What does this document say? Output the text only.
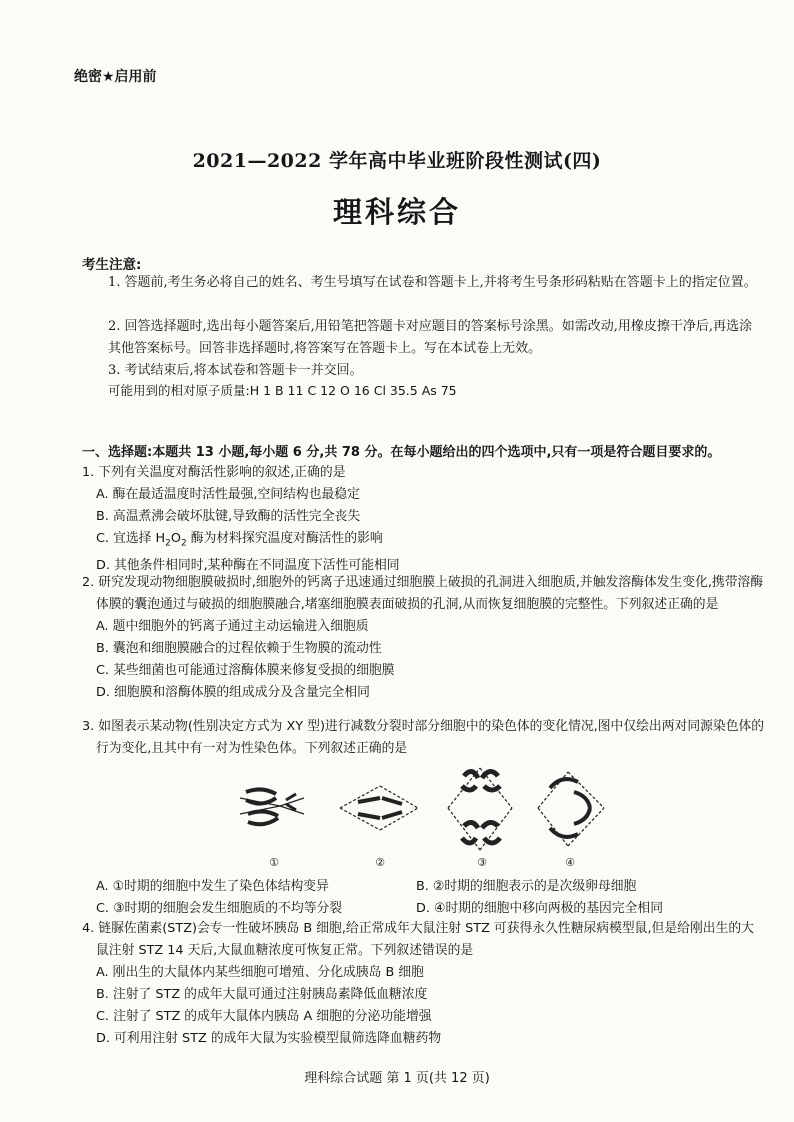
绝密★启用前
2021—2022 学年高中毕业班阶段性测试(四)
理科综合
考生注意:
1. 答题前,考生务必将自己的姓名、考生号填写在试卷和答题卡上,并将考生号条形码粘贴在答题卡上的指定位置。
2. 回答选择题时,选出每小题答案后,用铅笔把答题卡对应题目的答案标号涂黑。如需改动,用橡皮擦干净后,再选涂其他答案标号。回答非选择题时,将答案写在答题卡上。写在本试卷上无效。
3. 考试结束后,将本试卷和答题卡一并交回。
可能用到的相对原子质量:H 1 B 11 C 12 O 16 Cl 35.5 As 75
一、选择题:本题共 13 小题,每小题 6 分,共 78 分。在每小题给出的四个选项中,只有一项是符合题目要求的。
1. 下列有关温度对酶活性影响的叙述,正确的是
A. 酶在最适温度时活性最强,空间结构也最稳定
B. 高温煮沸会破坏肽键,导致酶的活性完全丧失
C. 宜选择 $H_2O_2$ 酶为材料探究温度对酶活性的影响
D. 其他条件相同时,某种酶在不同温度下活性可能相同
2. 研究发现动物细胞膜破损时,细胞外的钙离子迅速通过细胞膜上破损的孔洞进入细胞质,并触发溶酶体发生变化,携带溶酶体膜的囊泡通过与破损的细胞膜融合,堵塞细胞膜表面破损的孔洞,从而恢复细胞膜的完整性。下列叙述正确的是
A. 题中细胞外的钙离子通过主动运输进入细胞质
B. 囊泡和细胞膜融合的过程依赖于生物膜的流动性
C. 某些细菌也可能通过溶酶体膜来修复受损的细胞膜
D. 细胞膜和溶酶体膜的组成成分及含量完全相同
3. 如图表示某动物(性别决定方式为 XY 型)进行减数分裂时部分细胞中的染色体的变化情况,图中仅绘出两对同源染色体的行为变化,且其中有一对为性染色体。下列叙述正确的是
A. ①时期的细胞中发生了染色体结构变异	B. ②时期的细胞表示的是次级卵母细胞
C. ③时期的细胞会发生细胞质的不均等分裂	D. ④时期的细胞中移向两极的基因完全相同
①	②	③	④
4. 链脲佐菌素(STZ)会专一性破坏胰岛 B 细胞,给正常成年大鼠注射 STZ 可获得永久性糖尿病模型鼠,但是给刚出生的大鼠注射 STZ 14 天后,大鼠血糖浓度可恢复正常。下列叙述错误的是
A. 刚出生的大鼠体内某些细胞可增殖、分化成胰岛 B 细胞
B. 注射了 STZ 的成年大鼠可通过注射胰岛素降低血糖浓度
C. 注射了 STZ 的成年大鼠体内胰岛 A 细胞的分泌功能增强
D. 可利用注射 STZ 的成年大鼠为实验模型鼠筛选降血糖药物
理科综合试题 第 1 页(共 12 页)
